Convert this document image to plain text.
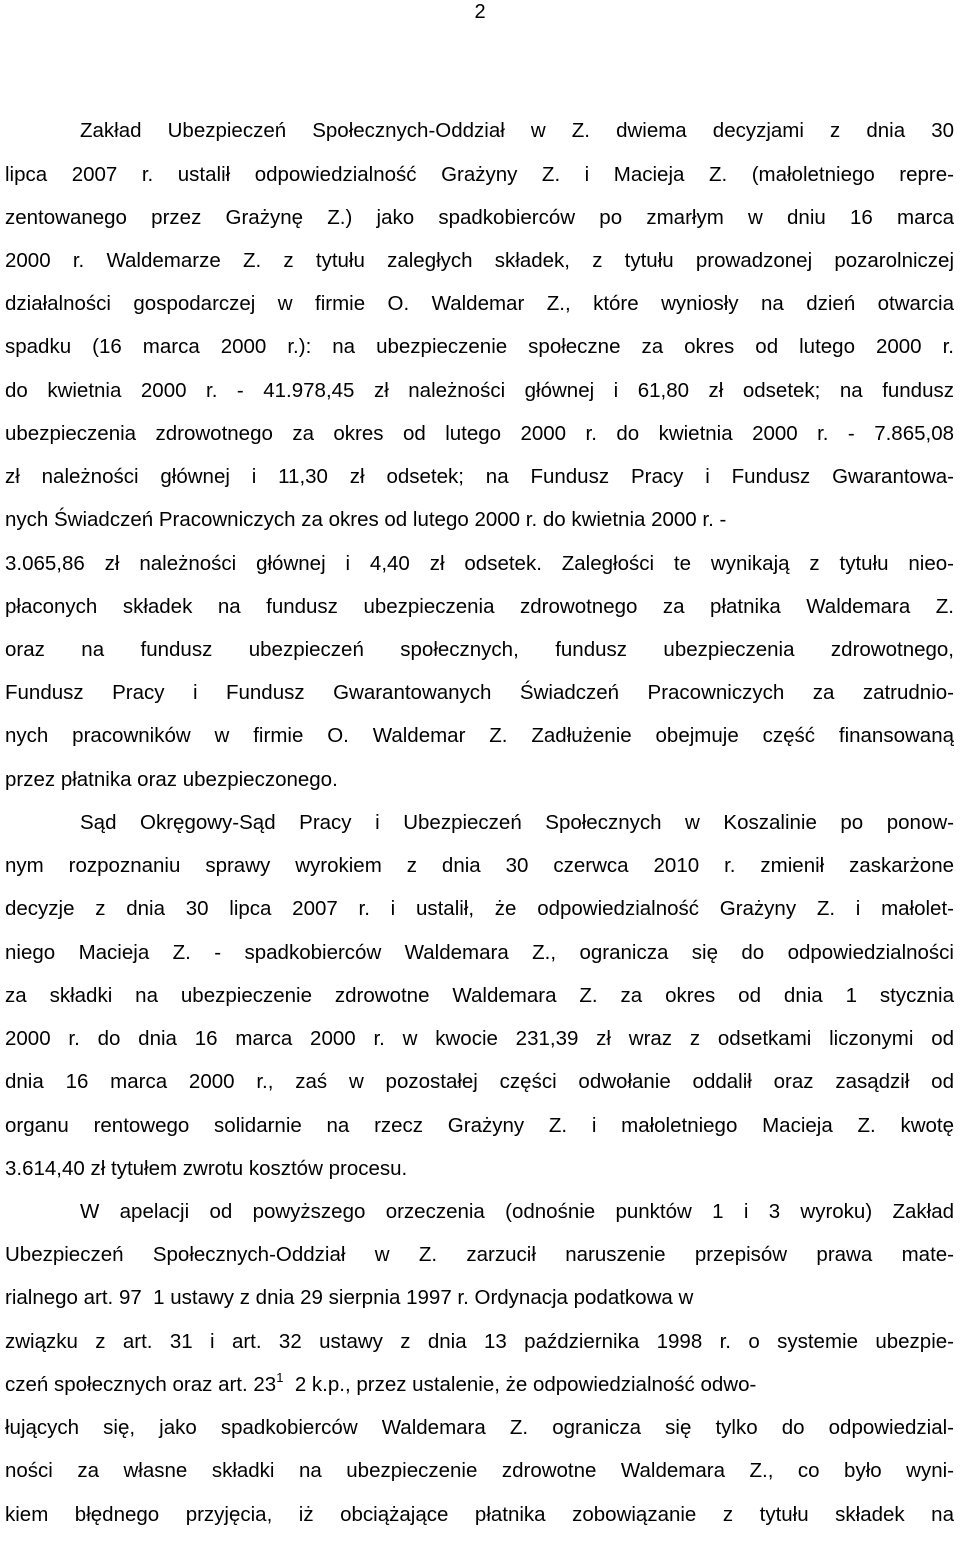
2
Zakład Ubezpieczeń Społecznych-Oddział w Z. dwiema decyzjami z dnia 30
lipca 2007 r. ustalił odpowiedzialność Grażyny Z. i Macieja Z. (małoletniego repre-
zentowanego przez Grażynę Z.) jako spadkobierców po zmarłym w dniu 16 marca
2000 r. Waldemarze Z. z tytułu zaległych składek, z tytułu prowadzonej pozarolniczej
działalności gospodarczej w firmie O. Waldemar Z., które wyniosły na dzień otwarcia
spadku (16 marca 2000 r.): na ubezpieczenie społeczne za okres od lutego 2000 r.
do kwietnia 2000 r. - 41.978,45 zł należności głównej i 61,80 zł odsetek; na fundusz
ubezpieczenia zdrowotnego za okres od lutego 2000 r. do kwietnia 2000 r. - 7.865,08
zł należności głównej i 11,30 zł odsetek; na Fundusz Pracy i Fundusz Gwarantowa-
nych Świadczeń Pracowniczych za okres od lutego 2000 r. do kwietnia 2000 r. -
3.065,86 zł należności głównej i 4,40 zł odsetek. Zaległości te wynikają z tytułu nieo-
płaconych składek na fundusz ubezpieczenia zdrowotnego za płatnika Waldemara Z.
oraz na fundusz ubezpieczeń społecznych, fundusz ubezpieczenia zdrowotnego,
Fundusz Pracy i Fundusz Gwarantowanych Świadczeń Pracowniczych za zatrudnio-
nych pracowników w firmie O. Waldemar Z. Zadłużenie obejmuje część finansowaną
przez płatnika oraz ubezpieczonego.
Sąd Okręgowy-Sąd Pracy i Ubezpieczeń Społecznych w Koszalinie po ponow-
nym rozpoznaniu sprawy wyrokiem z dnia 30 czerwca 2010 r. zmienił zaskarżone
decyzje z dnia 30 lipca 2007 r. i ustalił, że odpowiedzialność Grażyny Z. i małolet-
niego Macieja Z. - spadkobierców Waldemara Z., ogranicza się do odpowiedzialności
za składki na ubezpieczenie zdrowotne Waldemara Z. za okres od dnia 1 stycznia
2000 r. do dnia 16 marca 2000 r. w kwocie 231,39 zł wraz z odsetkami liczonymi od
dnia 16 marca 2000 r., zaś w pozostałej części odwołanie oddalił oraz zasądził od
organu rentowego solidarnie na rzecz Grażyny Z. i małoletniego Macieja Z. kwotę
3.614,40 zł tytułem zwrotu kosztów procesu.
W apelacji od powyższego orzeczenia (odnośnie punktów 1 i 3 wyroku) Zakład
Ubezpieczeń Społecznych-Oddział w Z. zarzucił naruszenie przepisów prawa mate-
rialnego art. 97  1 ustawy z dnia 29 sierpnia 1997 r. Ordynacja podatkowa w
związku z art. 31 i art. 32 ustawy z dnia 13 października 1998 r. o systemie ubezpie-
czeń społecznych oraz art. $23^1$  2 k.p., przez ustalenie, że odpowiedzialność odwo-
łujących się, jako spadkobierców Waldemara Z. ogranicza się tylko do odpowiedzial-
ności za własne składki na ubezpieczenie zdrowotne Waldemara Z., co było wyni-
kiem błędnego przyjęcia, iż obciążające płatnika zobowiązanie z tytułu składek na
